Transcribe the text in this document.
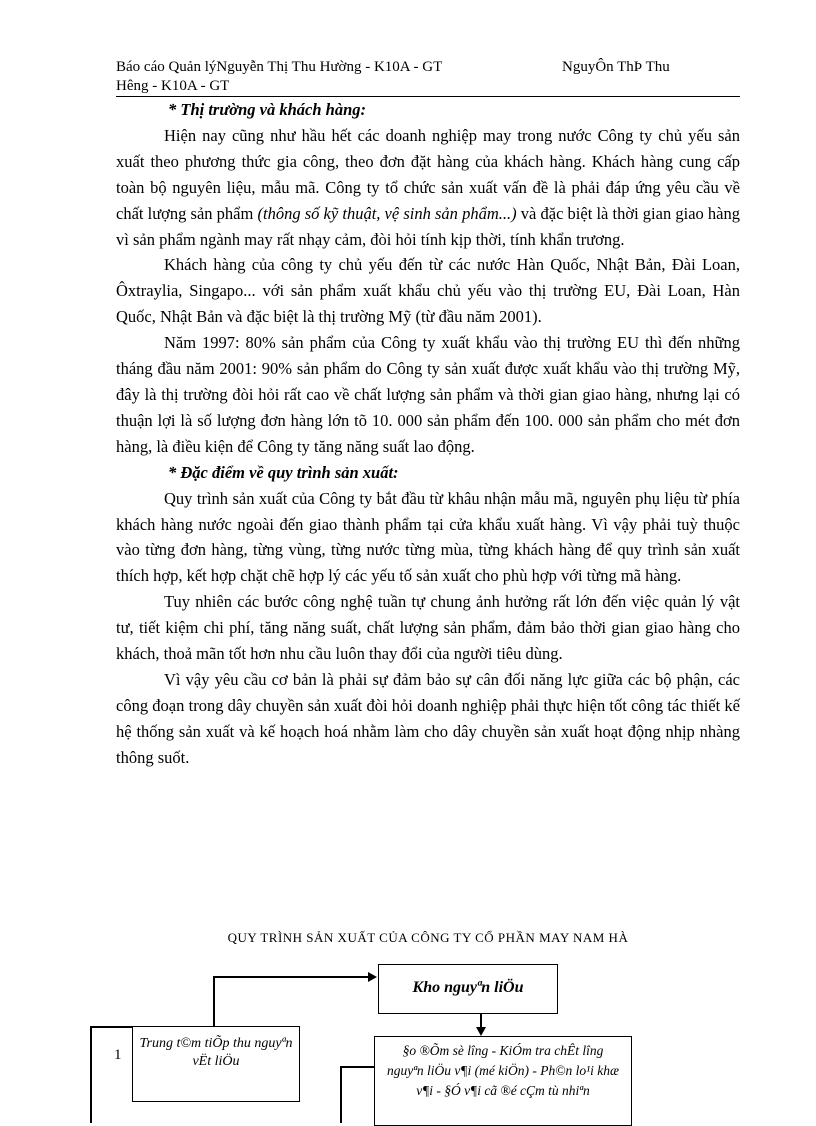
Báo cáo Quản lýNguyễn Thị Thu Hường - K10A - GT	NguyÔn ThÞ Thu
Hêng - K10A - GT

* Thị trường và khách hàng:

Hiện nay cũng như hầu hết các doanh nghiệp may trong nước Công ty chủ yếu sản xuất theo phương thức gia công, theo đơn đặt hàng của khách hàng. Khách hàng cung cấp toàn bộ nguyên liệu, mẫu mã. Công ty tổ chức sản xuất vấn đề là phải đáp ứng yêu cầu về chất lượng sản phẩm (thông số kỹ thuật, vệ sinh sản phẩm...) và đặc biệt là thời gian giao hàng vì sản phẩm ngành may rất nhạy cảm, đòi hỏi tính kịp thời, tính khẩn trương.

Khách hàng của công ty chủ yếu đến từ các nước Hàn Quốc, Nhật Bản, Đài Loan, Ôxtraylia, Singapo... với sản phẩm xuất khẩu chủ yếu vào thị trường EU, Đài Loan, Hàn Quốc, Nhật Bản và đặc biệt là thị trường Mỹ (từ đầu năm 2001).

Năm 1997: 80% sản phẩm của Công ty xuất khẩu vào thị trường EU thì đến những tháng đầu năm 2001: 90% sản phẩm do Công ty sản xuất được xuất khẩu vào thị trường Mỹ, đây là thị trường đòi hỏi rất cao về chất lượng sản phẩm và thời gian giao hàng, nhưng lại có thuận lợi là số lượng đơn hàng lớn tõ 10. 000 sản phẩm đến 100. 000 sản phẩm cho mét đơn hàng, là điều kiện để Công ty tăng năng suất lao động.

* Đặc điểm về quy trình sản xuất:

Quy trình sản xuất của Công ty bắt đầu từ khâu nhận mẫu mã, nguyên phụ liệu từ phía khách hàng nước ngoài đến giao thành phẩm tại cửa khẩu xuất hàng. Vì vậy phải tuỳ thuộc vào từng đơn hàng, từng vùng, từng nước từng mùa, từng khách hàng để quy trình sản xuất thích hợp, kết hợp chặt chẽ hợp lý các yếu tố sản xuất cho phù hợp với từng mã hàng.

Tuy nhiên các bước công nghệ tuần tự chung ảnh hưởng rất lớn đến việc quản lý vật tư, tiết kiệm chi phí, tăng năng suất, chất lượng sản phẩm, đảm bảo thời gian giao hàng cho khách, thoả mãn tốt hơn nhu cầu luôn thay đổi của người tiêu dùng.

Vì vậy yêu cầu cơ bản là phải sự đảm bảo sự cân đối năng lực giữa các bộ phận, các công đoạn trong dây chuyền sản xuất đòi hỏi doanh nghiệp phải thực hiện tốt công tác thiết kế hệ thống sản xuất và kế hoạch hoá nhằm làm cho dây chuyền sản xuất hoạt động nhịp nhàng thông suốt.

QUY TRÌNH SẢN XUẤT CỦA CÔNG TY CỔ PHẦN MAY NAM HÀ
Kho nguyªn liÖu
Trung t©m tiÕp thu nguyªn vËt liÖu
§o ®Õm sè lîng - KiÓm tra chÊt lîng nguyªn liÖu v¶i (mé kiÖn) - Ph©n lo¹i khæ v¶i - §Ó v¶i cã ®é cÇm tù nhiªn
1
